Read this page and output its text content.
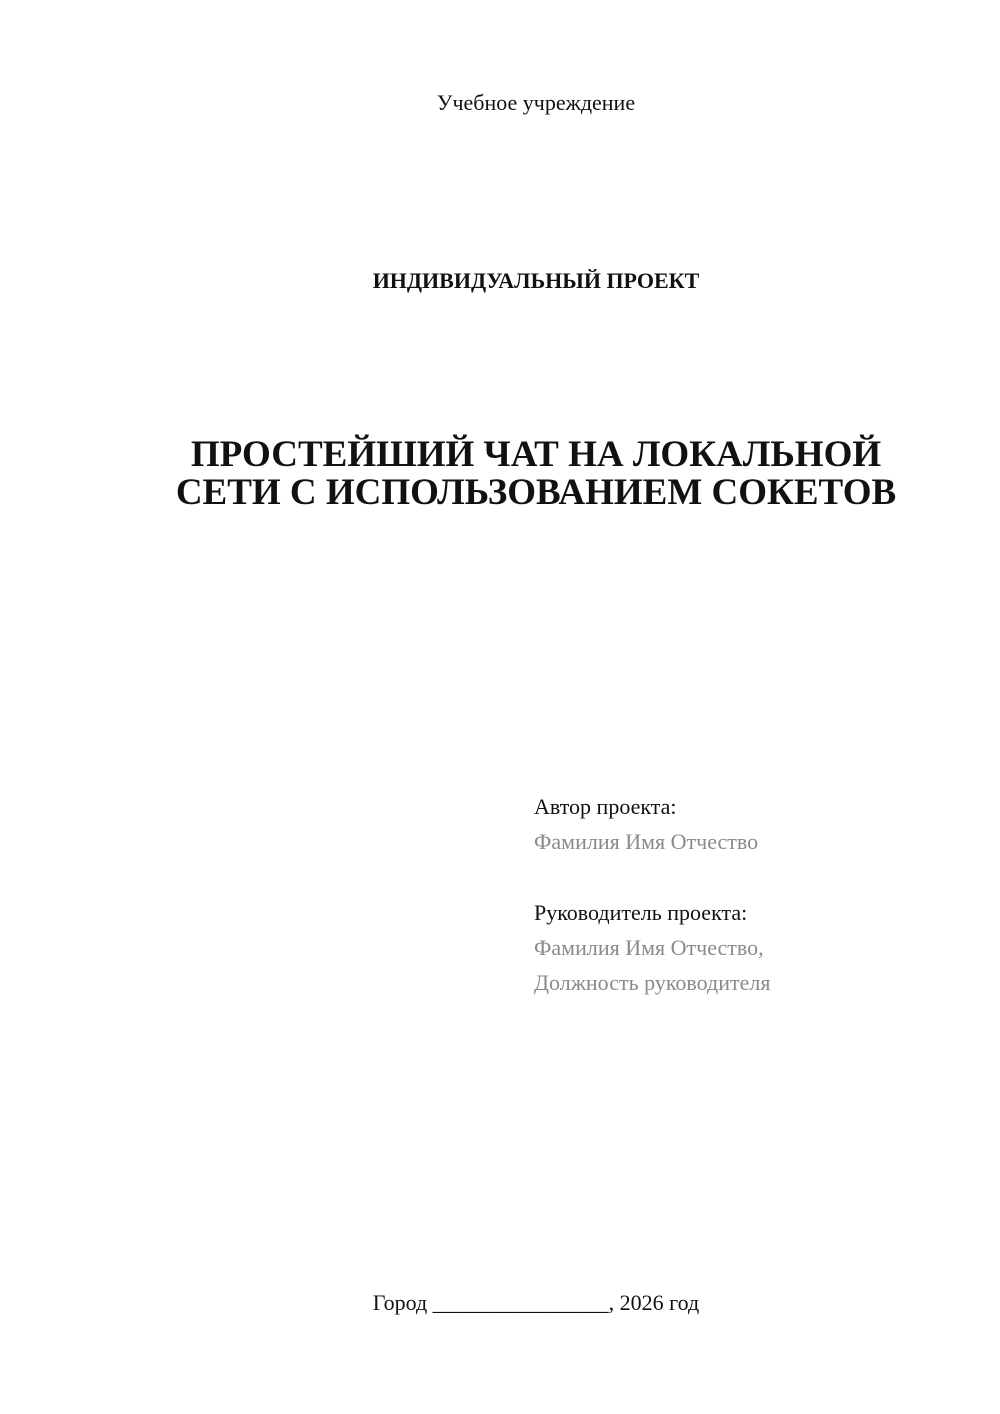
Учебное учреждение
ИНДИВИДУАЛЬНЫЙ ПРОЕКТ
ПРОСТЕЙШИЙ ЧАТ НА ЛОКАЛЬНОЙ
СЕТИ С ИСПОЛЬЗОВАНИЕМ СОКЕТОВ
Автор проекта:
Фамилия Имя Отчество
Руководитель проекта:
Фамилия Имя Отчество,
Должность руководителя
Город ________________, 2026 год
